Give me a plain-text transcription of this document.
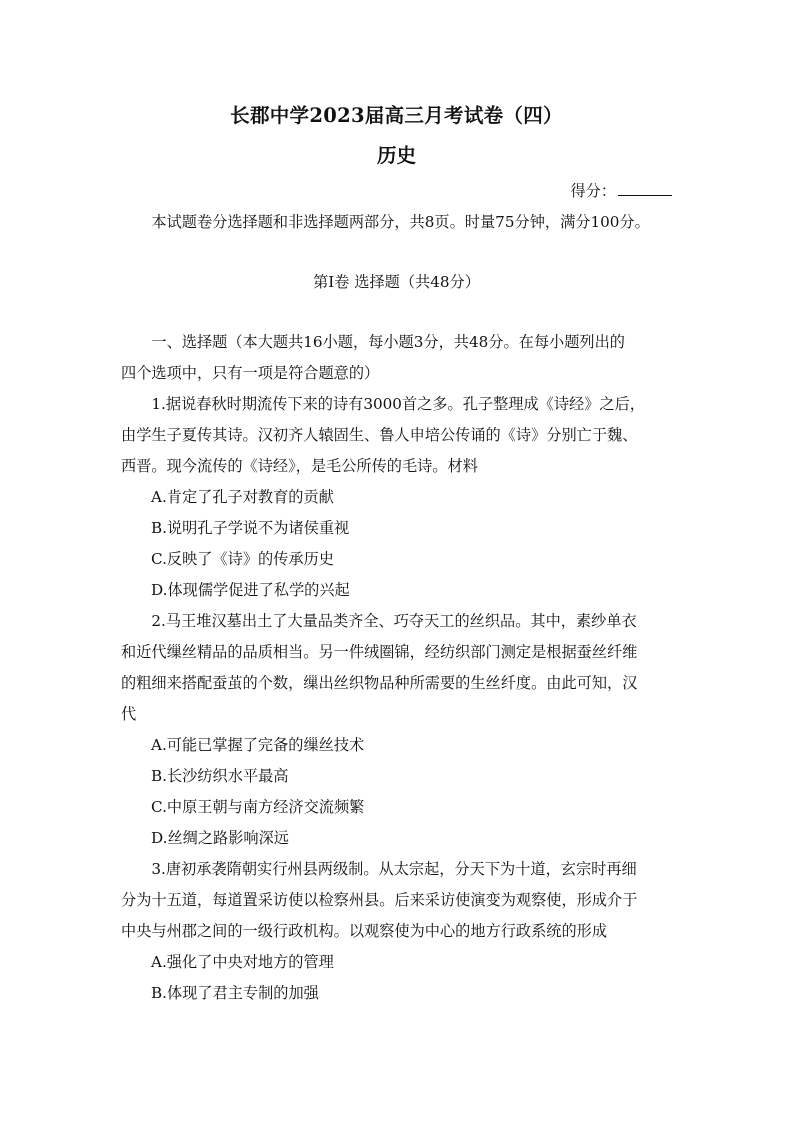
长郡中学2023届高三月考试卷（四）
历史
得分：
本试题卷分选择题和非选择题两部分，共8页。时量75分钟，满分100分。
第Ⅰ卷 选择题（共48分）

一、选择题（本大题共16小题，每小题3分，共48分。在每小题列出的

四个选项中，只有一项是符合题意的）

1.据说春秋时期流传下来的诗有3000首之多。孔子整理成《诗经》之后，

由学生子夏传其诗。汉初齐人辕固生、鲁人申培公传诵的《诗》分别亡于魏、

西晋。现今流传的《诗经》，是毛公所传的毛诗。材料

A.肯定了孔子对教育的贡献

B.说明孔子学说不为诸侯重视

C.反映了《诗》的传承历史

D.体现儒学促进了私学的兴起

2.马王堆汉墓出土了大量品类齐全、巧夺天工的丝织品。其中，素纱单衣

和近代缫丝精品的品质相当。另一件绒圈锦，经纺织部门测定是根据蚕丝纤维

的粗细来搭配蚕茧的个数，缫出丝织物品种所需要的生丝纤度。由此可知，汉

代

A.可能已掌握了完备的缫丝技术

B.长沙纺织水平最高

C.中原王朝与南方经济交流频繁

D.丝绸之路影响深远

3.唐初承袭隋朝实行州县两级制。从太宗起，分天下为十道，玄宗时再细

分为十五道，每道置采访使以检察州县。后来采访使演变为观察使，形成介于

中央与州郡之间的一级行政机构。以观察使为中心的地方行政系统的形成

A.强化了中央对地方的管理

B.体现了君主专制的加强
